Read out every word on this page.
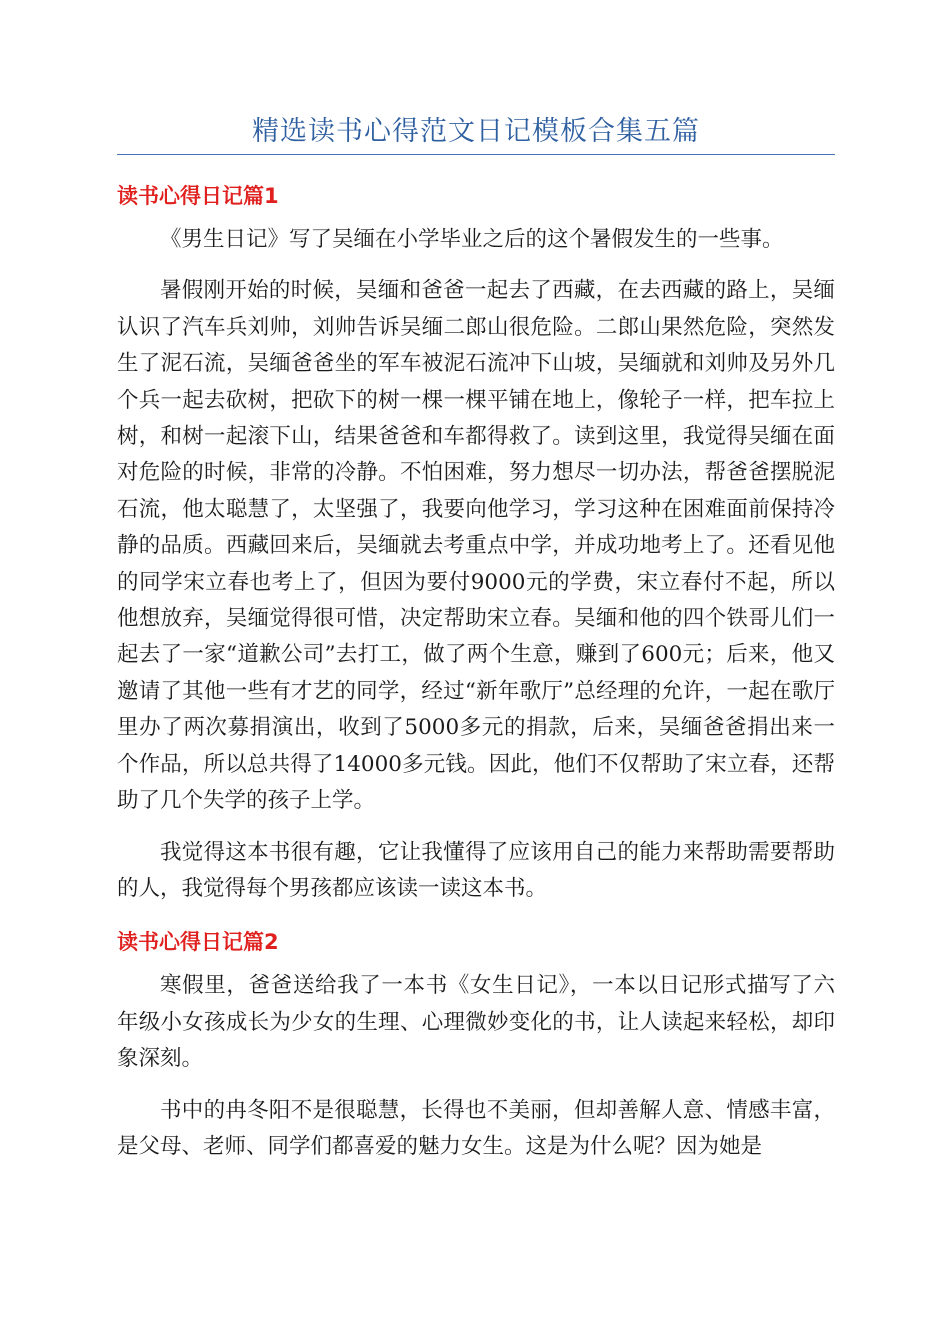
精选读书心得范文日记模板合集五篇
读书心得日记篇1

《男生日记》写了吴缅在小学毕业之后的这个暑假发生的一些事。

暑假刚开始的时候，吴缅和爸爸一起去了西藏，在去西藏的路上，吴缅认识了汽车兵刘帅，刘帅告诉吴缅二郎山很危险。二郎山果然危险，突然发生了泥石流，吴缅爸爸坐的军车被泥石流冲下山坡，吴缅就和刘帅及另外几个兵一起去砍树，把砍下的树一棵一棵平铺在地上，像轮子一样，把车拉上树，和树一起滚下山，结果爸爸和车都得救了。读到这里，我觉得吴缅在面对危险的时候，非常的冷静。不怕困难，努力想尽一切办法，帮爸爸摆脱泥石流，他太聪慧了，太坚强了，我要向他学习，学习这种在困难面前保持冷静的品质。西藏回来后，吴缅就去考重点中学，并成功地考上了。还看见他的同学宋立春也考上了，但因为要付9000元的学费，宋立春付不起，所以他想放弃，吴缅觉得很可惜，决定帮助宋立春。吴缅和他的四个铁哥儿们一起去了一家“道歉公司”去打工，做了两个生意，赚到了600元；后来，他又邀请了其他一些有才艺的同学，经过“新年歌厅”总经理的允许，一起在歌厅里办了两次募捐演出，收到了5000多元的捐款，后来，吴缅爸爸捐出来一个作品，所以总共得了14000多元钱。因此，他们不仅帮助了宋立春，还帮助了几个失学的孩子上学。

我觉得这本书很有趣，它让我懂得了应该用自己的能力来帮助需要帮助的人，我觉得每个男孩都应该读一读这本书。

读书心得日记篇2

寒假里，爸爸送给我了一本书《女生日记》，一本以日记形式描写了六年级小女孩成长为少女的生理、心理微妙变化的书，让人读起来轻松，却印象深刻。

书中的冉冬阳不是很聪慧，长得也不美丽，但却善解人意、情感丰富，是父母、老师、同学们都喜爱的魅力女生。这是为什么呢？因为她是
